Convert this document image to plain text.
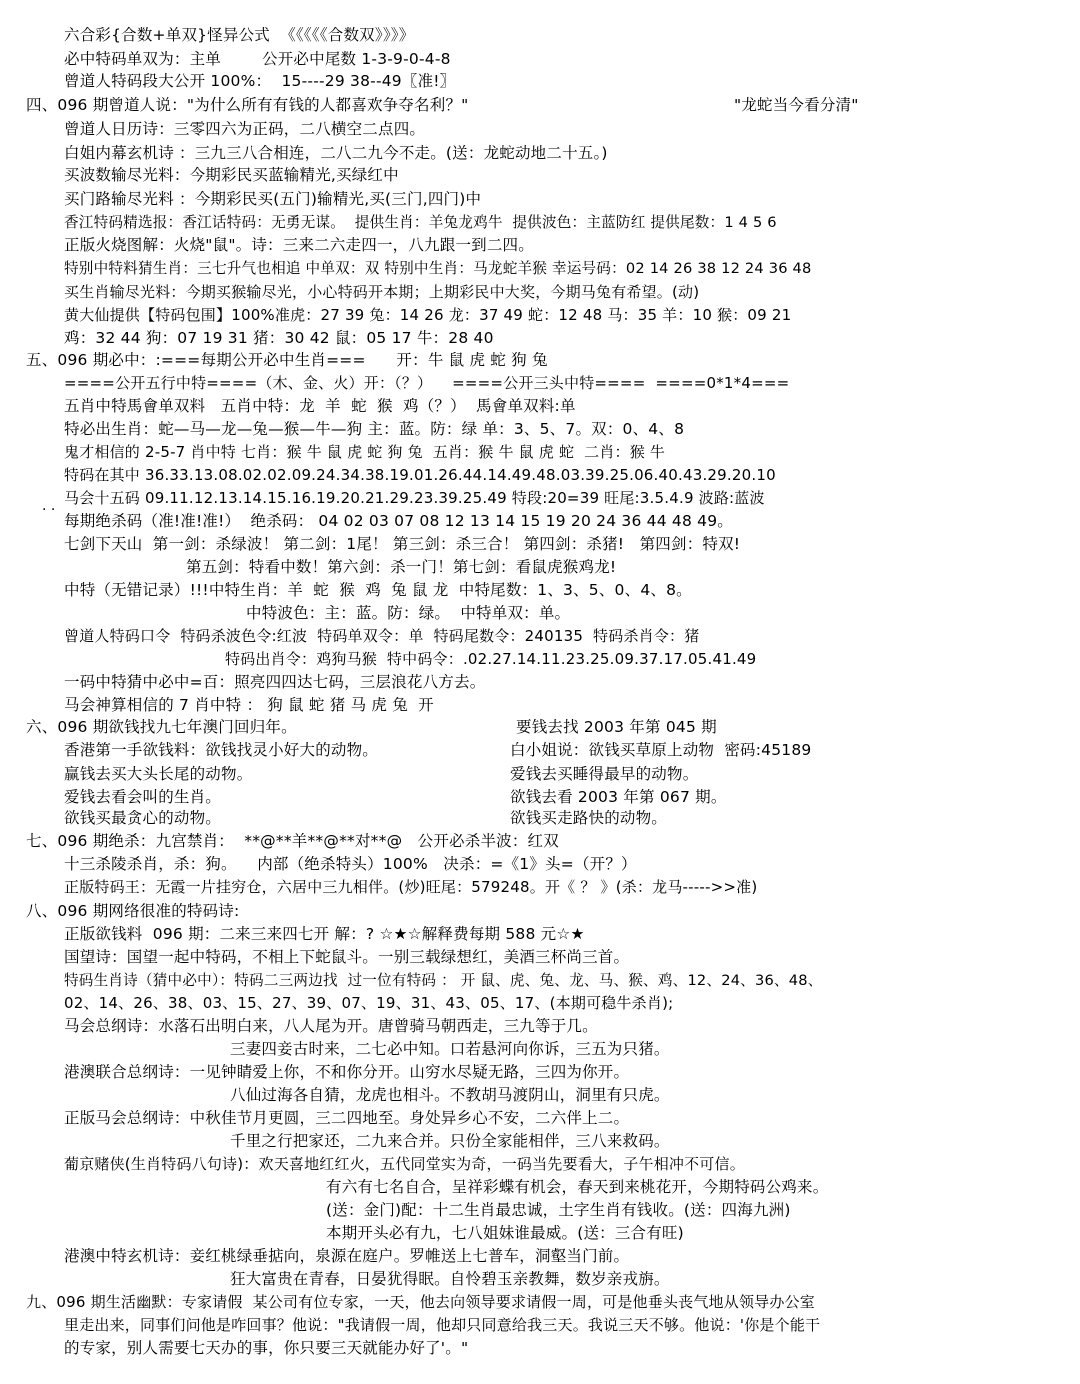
六合彩{合数+单双}怪异公式  《《《《《合数双》》》》
必中特码单双为：主单        公开必中尾数 1-3-9-0-4-8
曾道人特码段大公开 100%：  15----29 38--49〖准!〗
四、096 期曾道人说："为什么所有有钱的人都喜欢争夺名利？"	"龙蛇当今看分清"
曾道人日历诗：三零四六为正码，二八横空二点四。
白姐内幕玄机诗 ：三九三八合相连，二八二九今不走。(送：龙蛇动地二十五。)
买波数输尽光料：今期彩民买蓝输精光,买绿红中
买门路输尽光料 ：今期彩民买(五门)输精光,买(三门,四门)中
香江特码精选报：香江话特码：无勇无谋。  提供生肖：羊兔龙鸡牛  提供波色：主蓝防红 提供尾数：1 4 5 6
正版火烧图解：火烧"鼠"。诗：三来二六走四一，八九跟一到二四。
特别中特料猜生肖：三七升气也相追 中单双：双 特别中生肖：马龙蛇羊猴 幸运号码：02 14 26 38 12 24 36 48
买生肖输尽光料：今期买猴输尽光，小心特码开本期；上期彩民中大奖，今期马兔有希望。(动)
黄大仙提供【特码包围】100%准虎：27 39 兔：14 26 龙：37 49 蛇：12 48 马：35 羊：10 猴：09 21
鸡：32 44 狗：07 19 31 猪：30 42 鼠：05 17 牛：28 40
五、096 期必中：:===每期公开必中生肖===      开：牛 鼠 虎 蛇 狗 兔
====公开五行中特====（木、金、火）开：（？）    ====公开三头中特====  ====0*1*4===
五肖中特馬會单双料   五肖中特：龙  羊  蛇  猴  鸡（？）  馬會单双料:单
特必出生肖：蛇—马—龙—兔—猴—牛—狗 主：蓝。防：绿 单：3、5、7。双：0、4、8
鬼才相信的 2-5-7 肖中特 七肖：猴 牛 鼠 虎 蛇 狗 兔  五肖：猴 牛 鼠 虎 蛇  二肖：猴 牛
特码在其中 36.33.13.08.02.02.09.24.34.38.19.01.26.44.14.49.48.03.39.25.06.40.43.29.20.10
马会十五码 09.11.12.13.14.15.16.19.20.21.29.23.39.25.49 特段:20=39 旺尾:3.5.4.9 波路:蓝波
. .
每期绝杀码（准!准!准!）  绝杀码： 04 02 03 07 08 12 13 14 15 19 20 24 36 44 48 49。
七剑下天山  第一剑：杀绿波！ 第二剑：1尾！ 第三剑：杀三合！ 第四剑：杀猪!   第四剑：特双!
第五剑：特看中数！第六剑：杀一门！第七剑：看鼠虎猴鸡龙!
中特（无错记录）!!!中特生肖：羊  蛇  猴  鸡  兔 鼠 龙  中特尾数：1、3、5、0、4、8。
中特波色：主：蓝。防：绿。  中特单双：单。
曾道人特码口令  特码杀波色令:红波  特码单双令：单  特码尾数令：240135  特码杀肖令：猪
特码出肖令：鸡狗马猴  特中码令：.02.27.14.11.23.25.09.37.17.05.41.49
一码中特猜中必中=百：照亮四四达七码，三层浪花八方去。
马会神算相信的 7 肖中特 ： 狗 鼠 蛇 猪 马 虎 兔  开
六、096 期欲钱找九七年澳门回归年。	要钱去找 2003 年第 045 期
香港第一手欲钱料：欲钱找灵小好大的动物。	白小姐说：欲钱买草原上动物  密码:45189
赢钱去买大头长尾的动物。	爱钱去买睡得最早的动物。
爱钱去看会叫的生肖。	欲钱去看 2003 年第 067 期。
欲钱买最贪心的动物。	欲钱买走路快的动物。
七、096 期绝杀：九宫禁肖：  **@**羊**@**对**@   公开必杀半波：红双
十三杀陵杀肖，杀：狗。    内部（绝杀特头）100%   决杀：=《1》头=（开？）
正版特码王：无霞一片挂穷仓，六居中三九相伴。(炒)旺尾：579248。开《 ？ 》(杀：龙马----->>准)
八、096 期网络很准的特码诗:
正版欲钱料  096 期：二来三来四七开 解：? ☆★☆解释费每期 588 元☆★
国望诗：国望一起中特码，不相上下蛇鼠斗。一别三载绿想红，美酒三杯尚三首。
特码生肖诗（猜中必中）：特码二三两边找  过一位有特码 ： 开 鼠、虎、兔、龙、马、猴、鸡、12、24、36、48、
02、14、26、38、03、15、27、39、07、19、31、43、05、17、(本期可稳牛杀肖);
马会总纲诗：水落石出明白来，八人尾为开。唐曾骑马朝西走，三九等于几。
三妻四妾古时来，二七必中知。口若悬河向你诉，三五为只猪。
港澳联合总纲诗：一见钟睛爱上你，不和你分开。山穷水尽疑无路，三四为你开。
八仙过海各自猜，龙虎也相斗。不教胡马渡阴山，洞里有只虎。
正版马会总纲诗：中秋佳节月更圆，三二四地至。身处异乡心不安，二六伴上二。
千里之行把家还，二九来合并。只份全家能相伴，三八来救码。
葡京赌侠(生肖特码八句诗)：欢天喜地红红火，五代同堂实为奇，一码当先要看大，子午相冲不可信。
有六有七名自合，呈祥彩蝶有机会，春天到来桃花开，今期特码公鸡来。
(送：金门)配：十二生肖最忠诚，土字生肖有钱收。(送：四海九洲)
本期开头必有九，七八姐妹谁最威。(送：三合有旺)
港澳中特玄机诗：妾红桃绿垂掂向，泉源在庭户。罗帷送上七普车，洞壑当门前。
狂大富贵在青春，日晏犹得眠。自怜碧玉亲教舞，数岁亲戎旃。
九、096 期生活幽默：专家请假  某公司有位专家，一天，他去向领导要求请假一周，可是他垂头丧气地从领导办公室
里走出来，同事们问他是咋回事？他说："我请假一周，他却只同意给我三天。我说三天不够。他说：'你是个能干
的专家，别人需要七天办的事，你只要三天就能办好了'。"
